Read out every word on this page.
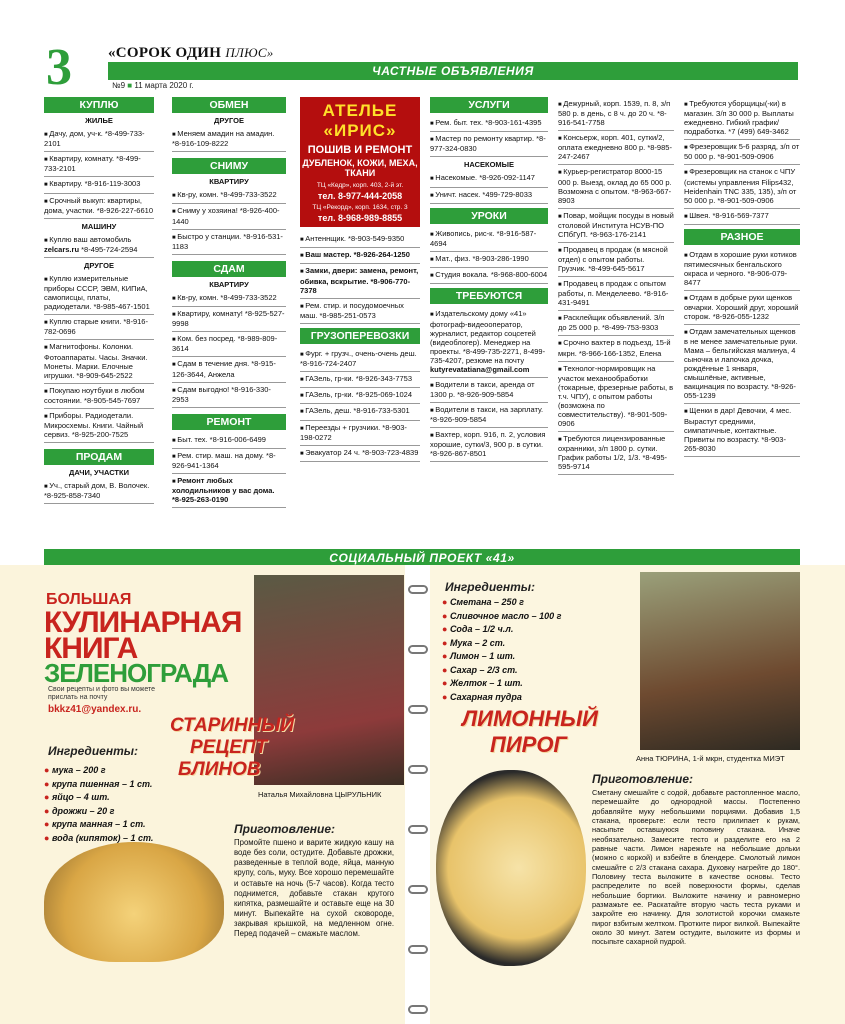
3 «СОРОК ОДИН ПЛЮС»
ЧАСТНЫЕ ОБЪЯВЛЕНИЯ
№9 ■ 11 марта 2020 г.
КУПЛЮ
ЖИЛЬЕ
■ Дачу, дом, уч-к. *8-499-733-2101
■ Квартиру, комнату. *8-499-733-2101
■ Квартиру. *8-916-119-3003
■ Срочный выкуп: квартиры, дома, участки. *8-926-227-6610
МАШИНУ
■ Куплю ваш автомобиль
zelcars.ru *8-495-724-2594
ДРУГОЕ
■ Куплю измерительные приборы СССР, ЭВМ, КИПиА, самописцы, платы, радиодетали. *8-985-467-1501
■ Куплю старые книги. *8-916-782-0696
■ Магнитофоны. Колонки. Фотоаппараты. Часы. Значки. Монеты. Марки. Елочные игрушки. *8-909-645-2522
■ Покупаю ноутбуки в любом состоянии. *8-905-545-7697
■ Приборы. Радиодетали. Микросхемы. Книги. Чайный сервиз. *8-925-200-7525
ПРОДАМ
ДАЧИ, УЧАСТКИ
■ Уч., старый дом, В. Волочек. *8-925-858-7340
ОБМЕН
ДРУГОЕ
■ Меняем амадин на амадин. *8-916-109-8222
СНИМУ
КВАРТИРУ
■ Кв-ру, комн. *8-499-733-3522
■ Сниму у хозяина! *8-926-400-1440
■ Быстро у станции. *8-916-531-1183
СДАМ
КВАРТИРУ
■ Кв-ру, комн. *8-499-733-3522
■ Квартиру, комнату! *8-925-527-9998
■ Ком. без посред. *8-989-809-3614
■ Сдам в течение дня. *8-915-126-3644, Анжела
■ Сдам выгодно! *8-916-330-2953
РЕМОНТ
■ Быт. тех. *8-916-006-6499
■ Рем. стир. маш. на дому. *8-926-941-1364
■ Ремонт любых холодильников у вас дома. *8-925-263-0190
АТЕЛЬЕ «ИРИС»
ПОШИВ И РЕМОНТ
ДУБЛЕНОК, КОЖИ, МЕХА, ТКАНИ
ТЦ «Кедр», корп. 403, 2-й эт.
тел. 8-977-444-2058
ТЦ «Рекорд», корп. 1634, стр. 3
тел. 8-968-989-8855
■ Антеннщик. *8-903-549-9350
■ Ваш мастер. *8-926-264-1250
■ Замки, двери: замена, ремонт, обивка, вскрытие. *8-906-770-7378
■ Рем. стир. и посудомоечных маш. *8-985-251-0573
ГРУЗОПЕРЕВОЗКИ
■ Фург. + грузч., очень-очень деш. *8-916-724-2407
■ ГАЗель, гр-ки. *8-926-343-7753
■ ГАЗель, гр-ки. *8-925-069-1024
■ ГАЗель, деш. *8-916-733-5301
■ Переезды + грузчики. *8-903-198-0272
■ Эвакуатор 24 ч. *8-903-723-4839
УСЛУГИ
■ Рем. быт. тех. *8-903-161-4395
■ Мастер по ремонту квартир. *8-977-324-0830
НАСЕКОМЫЕ
■ Насекомые. *8-926-092-1147
■ Уничт. насек. *499-729-8033
УРОКИ
■ Живопись, рис-к. *8-916-587-4694
■ Мат., физ. *8-903-286-1990
■ Студия вокала. *8-968-800-6004
ТРЕБУЮТСЯ
■ Издательскому дому «41» фотограф-видеооператор, журналист, редактор соцсетей (видеоблогер). Менеджер на проекты. *8-499-735-2271, 8-499-735-4207, резюме на почту
kutyrevatatiana@gmail.com
■ Водители в такси, аренда от 1300 р. *8-926-909-5854
■ Водители в такси, на зарплату. *8-926-909-5854
■ Вахтер, корп. 916, п. 2, условия хорошие, сутки/3, 900 р. в сутки. *8-926-867-8501
■ Дежурный, корп. 1539, п. 8, з/п 580 р. в день, с 8 ч. до 20 ч. *8-916-541-7758
■ Консьерж, корп. 401, сутки/2, оплата ежедневно 800 р. *8-985-247-2467
■ Курьер-регистратор 8000-15 000 р. Выезд, оклад до 65 000 р. Возможна с опытом. *8-963-667-8903
■ Повар, мойщик посуды в новый столовой Института НСУВ-ПО СПбГуП. *8-963-176-2141
■ Продавец в продаж (в мясной отдел) с опытом работы. Грузчик. *8-499-645-5617
■ Продавец в продаж с опытом работы, п. Менделеево. *8-916-431-9491
■ Расклейщик объявлений. З/п до 25 000 р. *8-499-753-9303
■ Срочно вахтер в подъезд, 15-й мкрн. *8-966-166-1352, Елена
■ Технолог-нормировщик на участок механообработки (токарные, фрезерные работы, в т.ч. ЧПУ), с опытом работы (возможна по совместительству). *8-901-509-0906
■ Требуются лицензированные охранники, з/п 1800 р. сутки. График работы 1/2, 1/3. *8-495-595-9714
■ Требуются уборщицы(-ки) в магазин. З/п 30 000 р. Выплаты ежедневно. Гибкий график/подработка. *7 (499) 649-3462
■ Фрезеровщик 5-6 разряд, з/п от 50 000 р. *8-901-509-0906
■ Фрезеровщик на станок с ЧПУ (системы управления Filips432, Heidenhain TNC 335, 135), з/п от 50 000 р. *8-901-509-0906
■ Швея. *8-916-569-7377
РАЗНОЕ
■ Отдам в хорошие руки котиков пятимесячных бенгальского окраса и черного. *8-906-079-8477
■ Отдам в добрые руки щенков овчарки. Хороший друг, хороший сторож. *8-926-055-1232
■ Отдам замечательных щенков в не менее замечательные руки. Мама – бельгийская малинуа, 4 сыночка и лапочка дочка, рождённые 1 января, смышлёные, активные, вакцинация по возрасту. *8-926-055-1239
■ Щенки в дар! Девочки, 4 мес. Вырастут средними, симпатичные, контактные. Привиты по возрасту. *8-903-265-8030
СОЦИАЛЬНЫЙ ПРОЕКТ «41»
БОЛЬШАЯ
КУЛИНАРНАЯ
КНИГА
ЗЕЛЕНОГРАДА
Свои рецепты и фото вы можете прислать на почту
bkkz41@yandex.ru.
Наталья Михайловна ЦЫРУЛЬНИК
СТАРИННЫЙ
РЕЦЕПТ
БЛИНОВ
Ингредиенты:
● мука – 200 г
● крупа пшенная – 1 ст.
● яйцо – 4 шт.
● дрожжи – 20 г
● крупа манная – 1 ст.
● вода (кипяток) – 1 ст.
Приготовление:
Промойте пшено и варите жидкую кашу на воде без соли, остудите. Добавьте дрожжи, разведенные в теплой воде, яйца, манную крупу, соль, муку. Все хорошо перемешайте и оставьте на ночь (5-7 часов). Когда тесто поднимется, добавьте стакан крутого кипятка, размешайте и оставьте еще на 30 минут. Выпекайте на сухой сковороде, закрывая крышкой, на медленном огне. Перед подачей – смажьте маслом.
Ингредиенты:
● Сметана – 250 г
● Сливочное масло – 100 г
● Сода – 1/2 ч.л.
● Мука – 2 ст.
● Лимон – 1 шт.
● Сахар – 2/3 ст.
● Желток – 1 шт.
● Сахарная пудра
ЛИМОННЫЙ
ПИРОГ
Анна ТЮРИНА, 1-й мкрн, студентка МИЭТ
Приготовление:
Сметану смешайте с содой, добавьте растопленное масло, перемешайте до однородной массы. Постепенно добавляйте муку небольшими порциями. Добавив 1,5 стакана, проверьте: если тесто прилипает к рукам, насыпьте оставшуюся половину стакана. Иначе необязательно. Замесите тесто и разделите его на 2 равные части. Лимон нарежьте на небольшие дольки (можно с коркой) и взбейте в блендере. Смолотый лимон смешайте с 2/3 стакана сахара. Духовку нагрейте до 180°. Половину теста выложите в качестве основы. Тесто распределите по всей поверхности формы, сделав небольшие бортики. Выложите начинку и равномерно размажьте ее. Раскатайте вторую часть теста руками и закройте ею начинку. Для золотистой корочки смажьте пирог взбитым желтком. Протките пирог вилкой. Выпекайте около 30 минут. Затем остудите, выложите из формы и посыпьте сахарной пудрой.
